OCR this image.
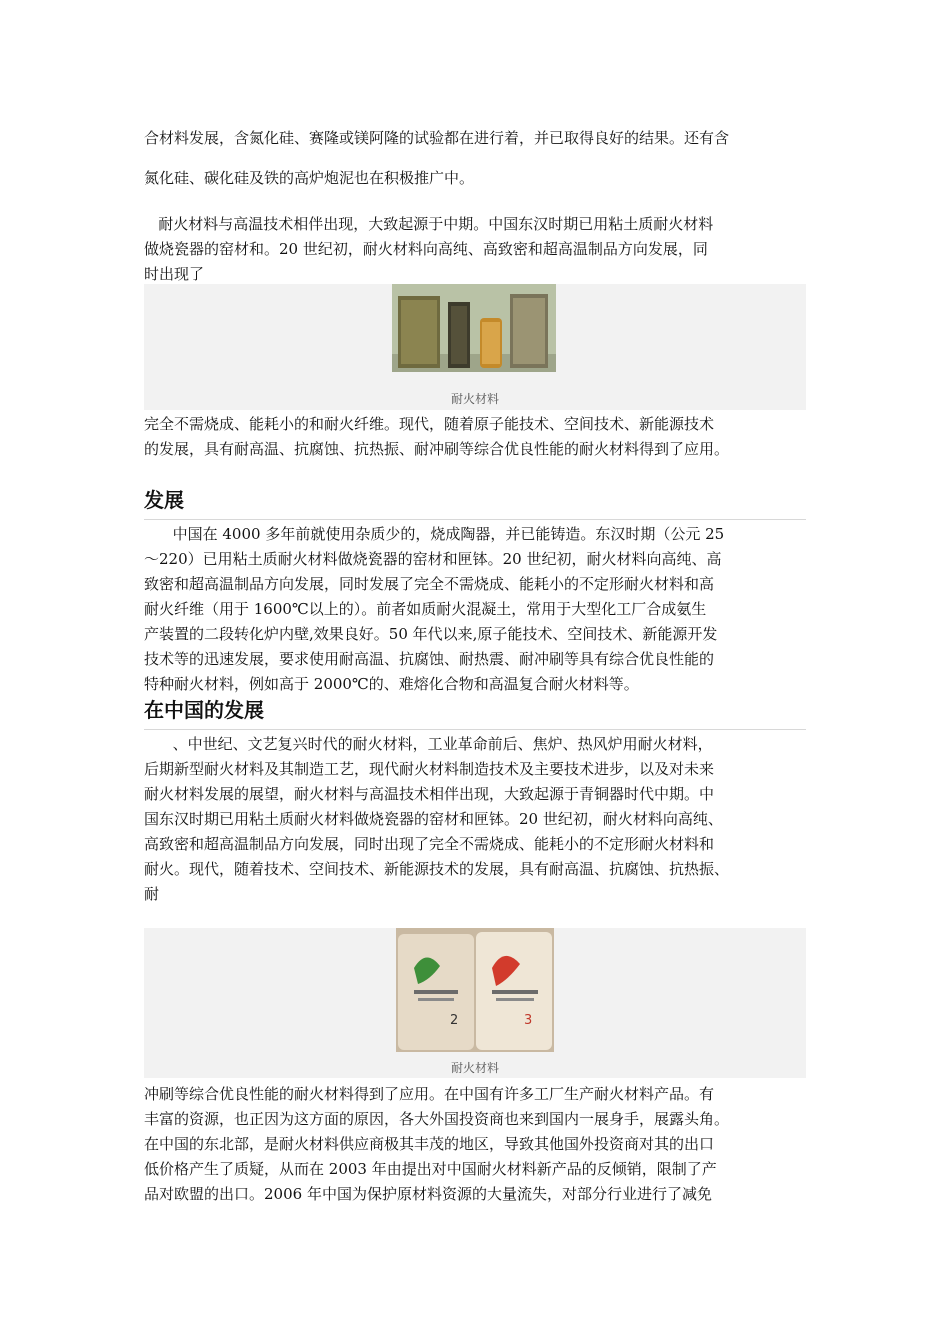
合材料发展，含氮化硅、赛隆或镁阿隆的试验都在进行着，并已取得良好的结果。还有含
氮化硅、碳化硅及铁的高炉炮泥也在积极推广中。
耐火材料与高温技术相伴出现，大致起源于中期。中国东汉时期已用粘土质耐火材料
做烧瓷器的窑材和。20 世纪初，耐火材料向高纯、高致密和超高温制品方向发展，同
时出现了
耐火材料
完全不需烧成、能耗小的和耐火纤维。现代，随着原子能技术、空间技术、新能源技术
的发展，具有耐高温、抗腐蚀、抗热振、耐冲刷等综合优良性能的耐火材料得到了应用。
发展
中国在 4000 多年前就使用杂质少的，烧成陶器，并已能铸造。东汉时期（公元 25
～220）已用粘土质耐火材料做烧瓷器的窑材和匣钵。20 世纪初，耐火材料向高纯、高
致密和超高温制品方向发展，同时发展了完全不需烧成、能耗小的不定形耐火材料和高
耐火纤维（用于 1600℃以上的）。前者如质耐火混凝土，常用于大型化工厂合成氨生
产装置的二段转化炉内壁,效果良好。50 年代以来,原子能技术、空间技术、新能源开发
技术等的迅速发展，要求使用耐高温、抗腐蚀、耐热震、耐冲刷等具有综合优良性能的
特种耐火材料，例如高于 2000℃的、难熔化合物和高温复合耐火材料等。
在中国的发展
、中世纪、文艺复兴时代的耐火材料，工业革命前后、焦炉、热风炉用耐火材料，
后期新型耐火材料及其制造工艺，现代耐火材料制造技术及主要技术进步，以及对未来
耐火材料发展的展望，耐火材料与高温技术相伴出现，大致起源于青铜器时代中期。中
国东汉时期已用粘土质耐火材料做烧瓷器的窑材和匣钵。20 世纪初，耐火材料向高纯、
高致密和超高温制品方向发展，同时出现了完全不需烧成、能耗小的不定形耐火材料和
耐火。现代，随着技术、空间技术、新能源技术的发展，具有耐高温、抗腐蚀、抗热振、
耐
2	3
耐火材料
冲刷等综合优良性能的耐火材料得到了应用。在中国有许多工厂生产耐火材料产品。有
丰富的资源，也正因为这方面的原因，各大外国投资商也来到国内一展身手，展露头角。
在中国的东北部，是耐火材料供应商极其丰茂的地区，导致其他国外投资商对其的出口
低价格产生了质疑，从而在 2003 年由提出对中国耐火材料新产品的反倾销，限制了产
品对欧盟的出口。2006 年中国为保护原材料资源的大量流失，对部分行业进行了减免
